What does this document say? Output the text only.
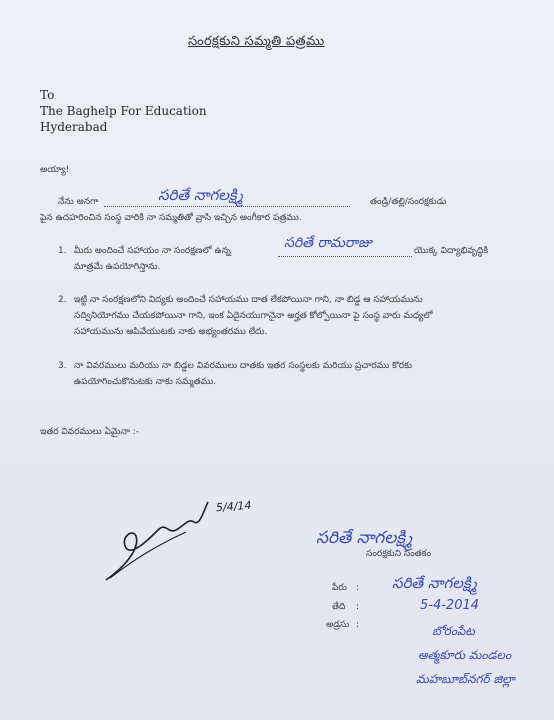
సంరక్షకుని సమ్మతి పత్రము
To
The Baghelp For Education
Hyderabad
అయ్యా!
నేను అనగా	సరితే నాగలక్ష్మి	తండ్రి/తల్లి/సంరక్షకుడు
పైన ఉదహరించిన సంస్థ వారికి నా సమ్మతితో వ్రాసి ఇచ్చిన అంగీకార పత్రము.
1. మీరు అందించే సహాయం నా సంరక్షణలో ఉన్న	సరితే రామరాజు	యొక్క విద్యాభివృద్ధికి
మాత్రమే ఉపయోగిస్తాను.
2. ఇట్టి నా సంరక్షణలోని విద్యకు అందించే సహాయము దాత లేకపోయినా గాని, నా బిడ్డ ఆ సహాయమును
సద్వినియోగము చేయకపోయినా గాని, ఇంక ఏదైనయుగానైనా అర్హత కోల్పోయినా పై సంస్థ వారు మధ్యలో
సహాయమును ఆపివేయుటకు నాకు అభ్యంతరము లేదు.
3. నా వివరములు మరియు నా బిడ్డల వివరములు దాతకు ఇతర సంస్థలకు మరియు ప్రచారము కొరకు
ఉపయోగించుకొనుటకు నాకు సమ్మతము.
ఇతర వివరములు ఏమైనా :-
5/4/14
సరితే నాగలక్ష్మి
సంరక్షకుని సంతకం
పేరు : సరితే నాగలక్ష్మి
తేది :	5-4-2014
అడ్రసు :	బోరంపేట
ఆత్మకూరు మండలం
మహబూబ్‌నగర్ జిల్లా
